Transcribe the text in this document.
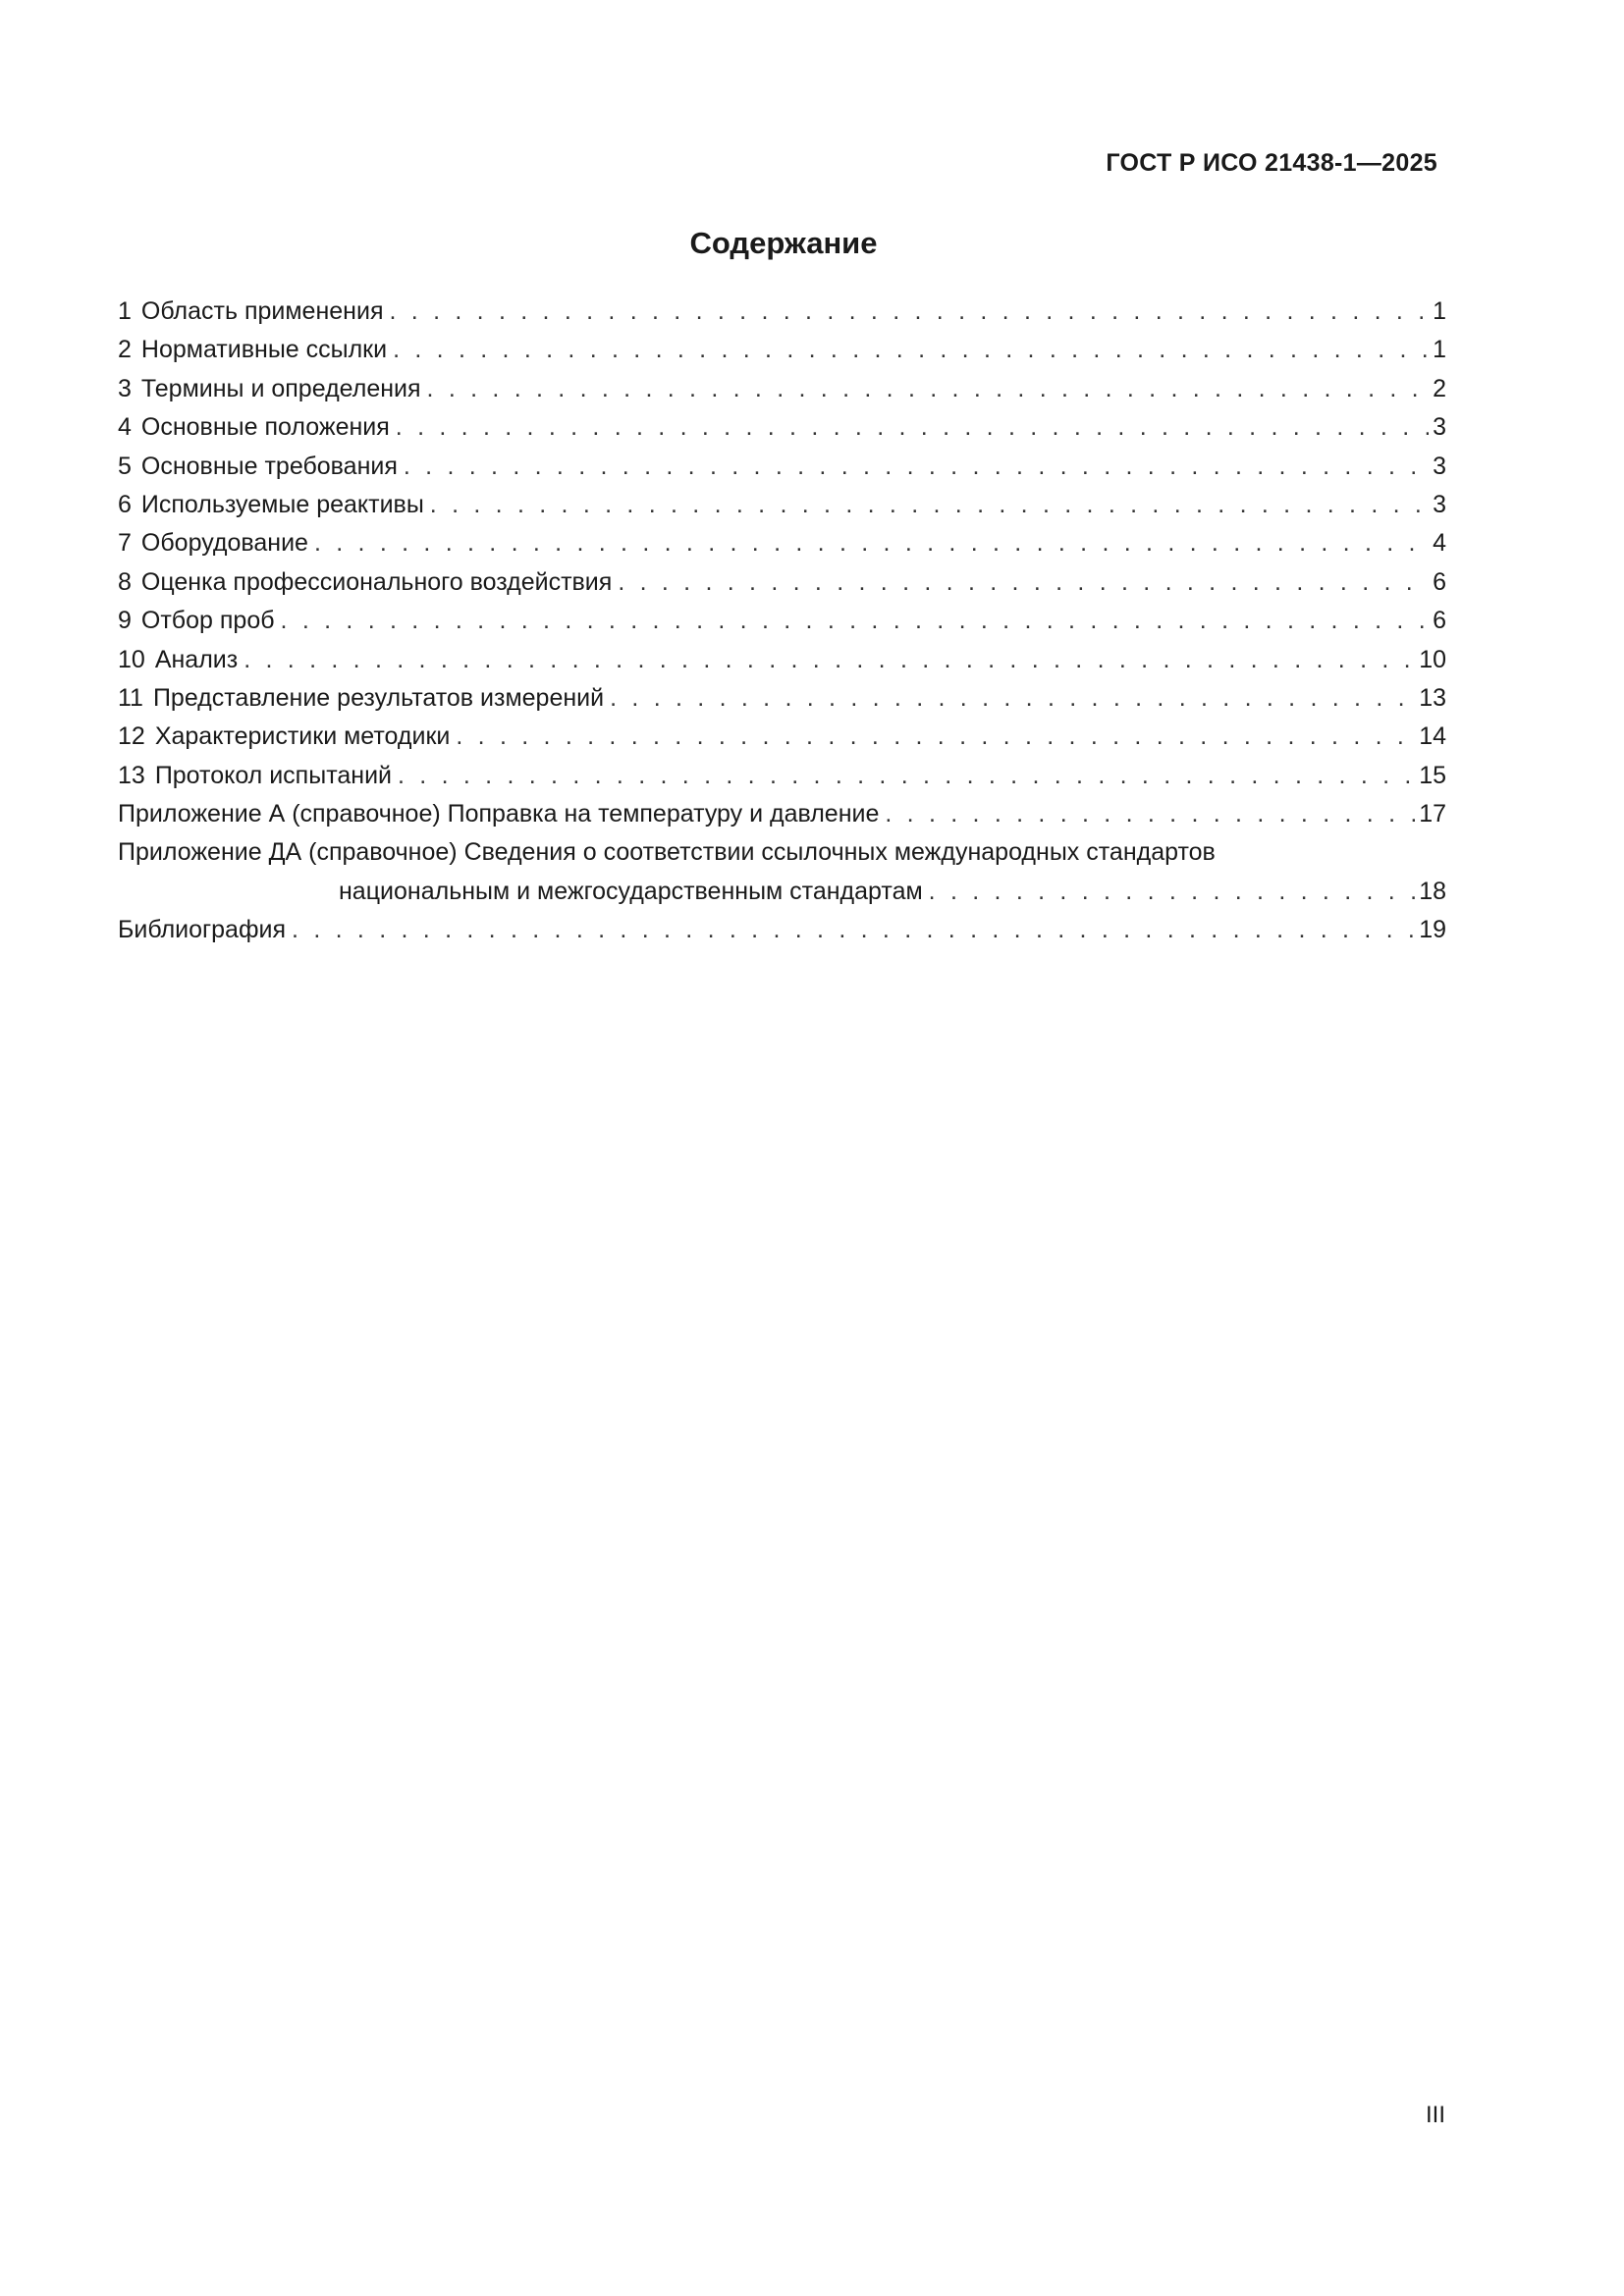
ГОСТ Р ИСО 21438-1—2025
Содержание
1 Область применения . . .	1
2 Нормативные ссылки . . .	1
3 Термины и определения . . .	2
4 Основные положения . . .	3
5 Основные требования . . .	3
6 Используемые реактивы . . .	3
7 Оборудование . . .	4
8 Оценка профессионального воздействия . . .	6
9 Отбор проб . . .	6
10 Анализ . . .	10
11 Представление результатов измерений . . .	13
12 Характеристики методики . . .	14
13 Протокол испытаний . . .	15
Приложение А (справочное) Поправка на температуру и давление . . .	17
Приложение ДА (справочное) Сведения о соответствии ссылочных международных стандартов
национальным и межгосударственным стандартам . . .	18
Библиография . . .	19
III
